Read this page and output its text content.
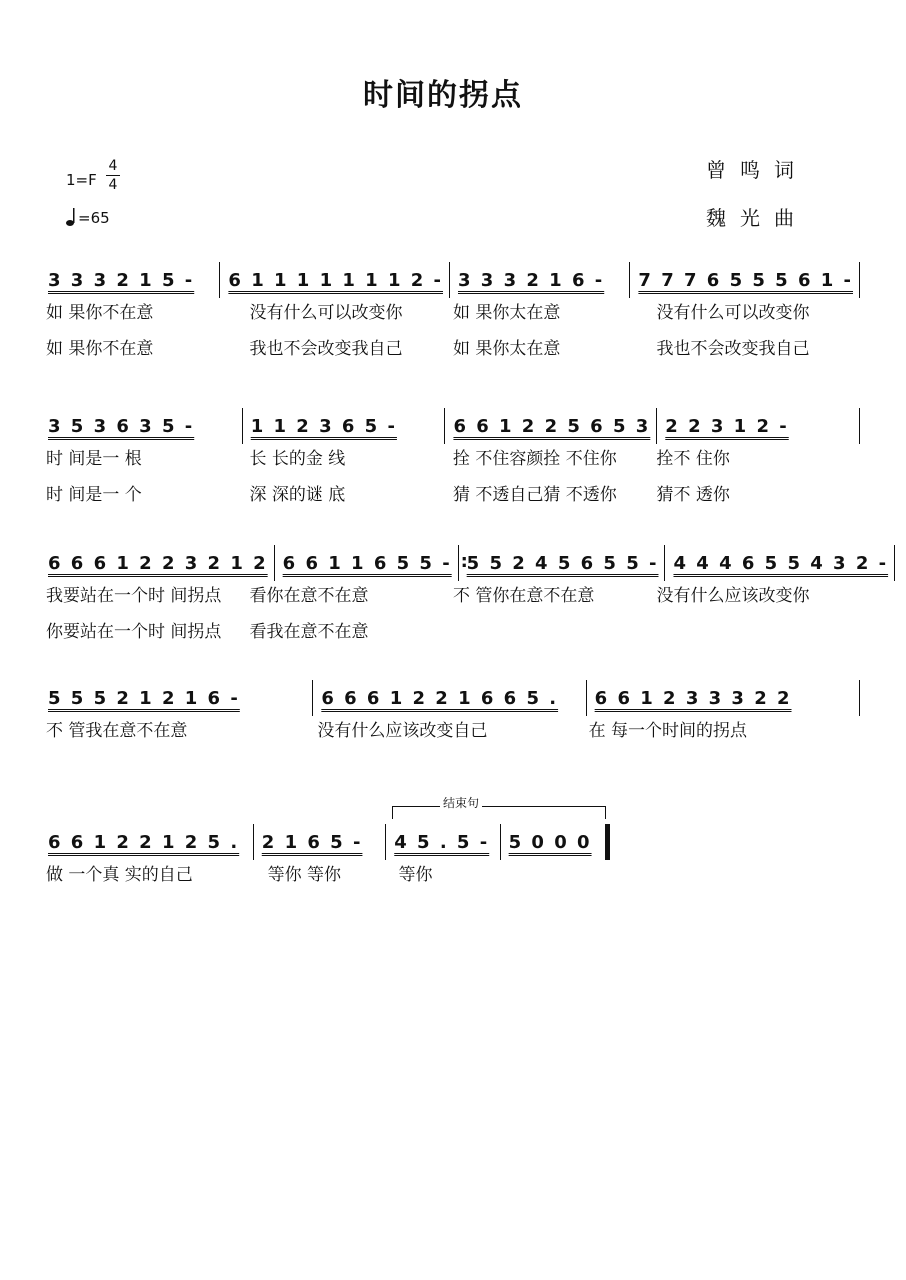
时间的拐点
1=F
4
4
=65
曾鸣词
魏光曲
3 3 3 2 1 5 -	6 1 1 1 1 1 1 1 2 - 3 3 3 2 1 6 -	7 7 7 6 5 5 5 6 1 -
如 果你不在意	没有什么可以改变你	如 果你太在意	没有什么可以改变你
如 果你不在意	我也不会改变我自己	如 果你太在意	我也不会改变我自己
3 5 3 6 3 5 -	1 1 2 3 6 5 -	6 6 1 2 2 5 6 5 3 2 2 3 1 2 -
时 间是一 根	长 长的金 线	拴 不住容颜拴 不住你	拴不 住你
时 间是一 个	深 深的谜 底	猜 不透自己猜 不透你	猜不 透你
6 6 6 1 2 2 3 2 1 2 6 6 1 1 6 5 5 -
: 5 5 2 4 5 6 5 5 - 4 4 4 6 5 5 4 3 2 -
我要站在一个时 间拐点	看你在意不在意	不 管你在意不在意	没有什么应该改变你
你要站在一个时 间拐点	看我在意不在意
5 5 5 2 1 2 1 6 -	6 6 6 1 2 2 1 6 6 5 .	6 6 1 2 3 3 3 2 2
不 管我在意不在意	没有什么应该改变自己	在 每一个时间的拐点
结束句
6 6 1 2 2 1 2 5 .	2 1 6 5 -	4 5 . 5 -	5 0 0 0
做 一个真 实的自己	等你 等你	等你
